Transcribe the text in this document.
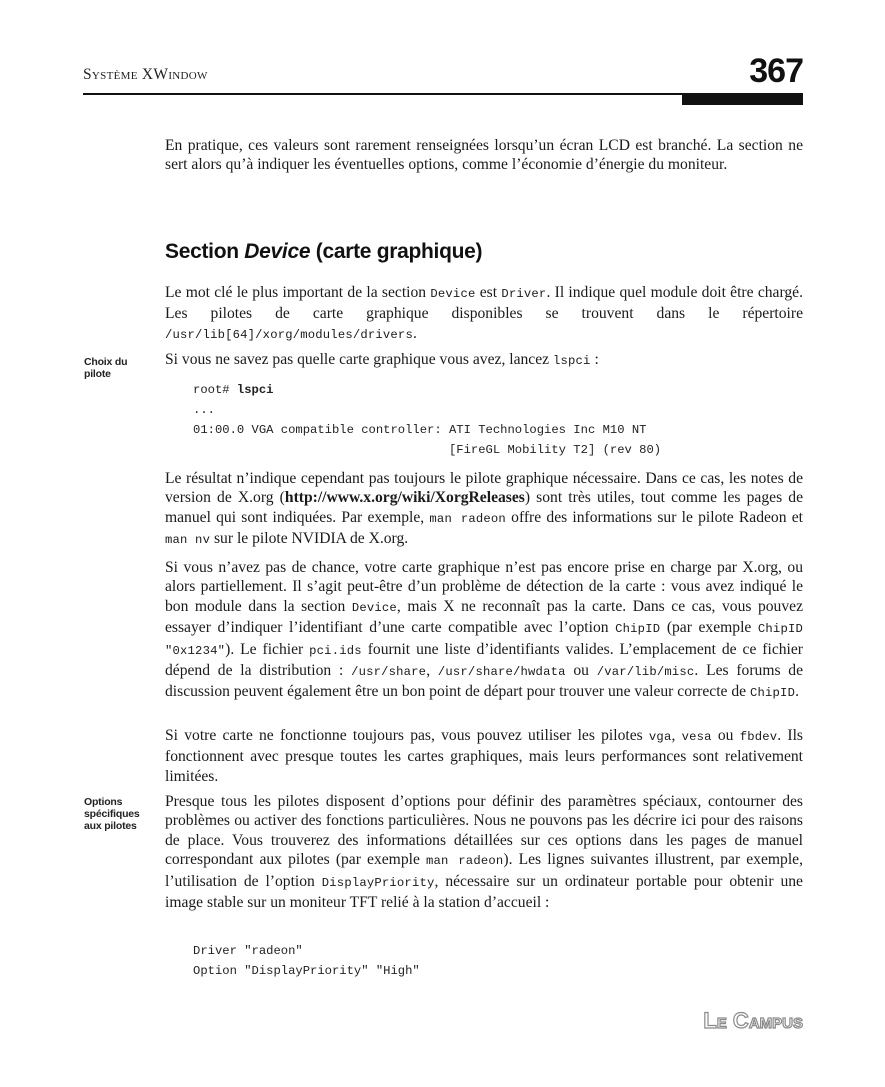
Système XWindow	367

En pratique, ces valeurs sont rarement renseignées lorsqu’un écran LCD est branché. La section ne sert alors qu’à indiquer les éventuelles options, comme l’économie d’énergie du moniteur.

Section Device (carte graphique)

Le mot clé le plus important de la section Device est Driver. Il indique quel module doit être chargé. Les pilotes de carte graphique disponibles se trouvent dans le répertoire /usr/lib[64]/xorg/modules/drivers.

Choix du pilote

Si vous ne savez pas quelle carte graphique vous avez, lancez lspci :

root# lspci
...
01:00.0 VGA compatible controller: ATI Technologies Inc M10 NT
[FireGL Mobility T2] (rev 80)

Le résultat n’indique cependant pas toujours le pilote graphique nécessaire. Dans ce cas, les notes de version de X.org (http://www.x.org/wiki/XorgReleases) sont très utiles, tout comme les pages de manuel qui sont indiquées. Par exemple, man radeon offre des informations sur le pilote Radeon et man nv sur le pilote NVIDIA de X.org.

Si vous n’avez pas de chance, votre carte graphique n’est pas encore prise en charge par X.org, ou alors partiellement. Il s’agit peut-être d’un problème de détection de la carte : vous avez indiqué le bon module dans la section Device, mais X ne reconnaît pas la carte. Dans ce cas, vous pouvez essayer d’indiquer l’identifiant d’une carte compatible avec l’option ChipID (par exemple ChipID "0x1234"). Le fichier pci.ids fournit une liste d’identifiants valides. L’emplacement de ce fichier dépend de la distribution : /usr/share, /usr/share/hwdata ou /var/lib/misc. Les forums de discussion peuvent également être un bon point de départ pour trouver une valeur correcte de ChipID.

Si votre carte ne fonctionne toujours pas, vous pouvez utiliser les pilotes vga, vesa ou fbdev. Ils fonctionnent avec presque toutes les cartes graphiques, mais leurs performances sont relativement limitées.

Options spécifiques aux pilotes

Presque tous les pilotes disposent d’options pour définir des paramètres spéciaux, contourner des problèmes ou activer des fonctions particulières. Nous ne pouvons pas les décrire ici pour des raisons de place. Vous trouverez des informations détaillées sur ces options dans les pages de manuel correspondant aux pilotes (par exemple man radeon). Les lignes suivantes illustrent, par exemple, l’utilisation de l’option DisplayPriority, nécessaire sur un ordinateur portable pour obtenir une image stable sur un moniteur TFT relié à la station d’accueil :

Driver "radeon"
Option "DisplayPriority" "High"
Le Campus
